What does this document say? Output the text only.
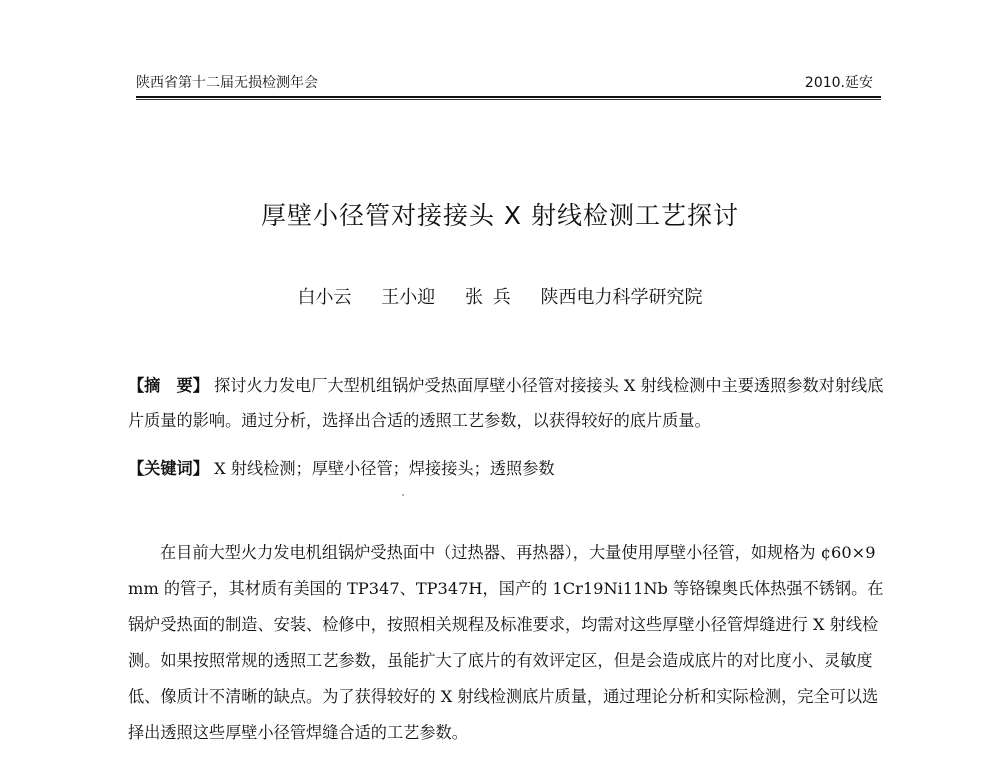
陕西省第十二届无损检测年会	2010.延安
厚壁小径管对接接头 X 射线检测工艺探讨
白小云 王小迎 张 兵 陕西电力科学研究院
【摘　要】 探讨火力发电厂大型机组锅炉受热面厚壁小径管对接接头 X 射线检测中主要透照参数对射线底片质量的影响。通过分析，选择出合适的透照工艺参数，以获得较好的底片质量。
【关键词】 X 射线检测；厚壁小径管；焊接接头；透照参数
在目前大型火力发电机组锅炉受热面中（过热器、再热器），大量使用厚壁小径管，如规格为 ¢60×9 mm 的管子，其材质有美国的 TP347、TP347H，国产的 1Cr19Ni11Nb 等铬镍奥氏体热强不锈钢。在锅炉受热面的制造、安装、检修中，按照相关规程及标准要求，均需对这些厚壁小径管焊缝进行 X 射线检测。如果按照常规的透照工艺参数，虽能扩大了底片的有效评定区，但是会造成底片的对比度小、灵敏度低、像质计不清晰的缺点。为了获得较好的 X 射线检测底片质量，通过理论分析和实际检测，完全可以选择出透照这些厚壁小径管焊缝合适的工艺参数。
